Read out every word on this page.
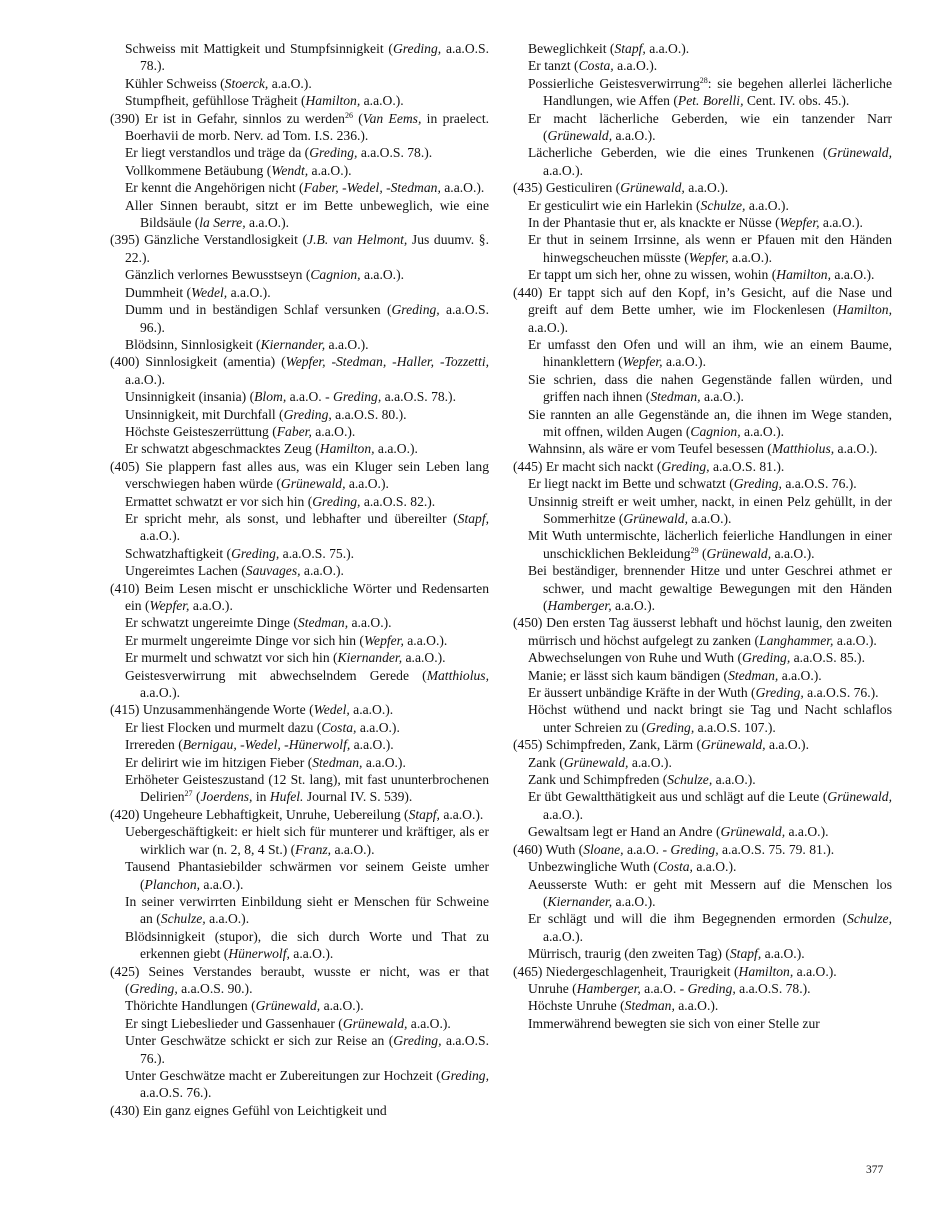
Schweiss mit Mattigkeit und Stumpfsinnigkeit (Greding, a.a.O.S. 78.).
Kühler Schweiss (Stoerck, a.a.O.).
Stumpfheit, gefühllose Trägheit (Hamilton, a.a.O.).
(390) Er ist in Gefahr, sinnlos zu werden$^{26}$ (Van Eems, in praelect. Boerhavii de morb. Nerv. ad Tom. I.S. 236.).
Er liegt verstandlos und träge da (Greding, a.a.O.S. 78.).
Vollkommene Betäubung (Wendt, a.a.O.).
Er kennt die Angehörigen nicht (Faber, -Wedel, -Stedman, a.a.O.).
Aller Sinnen beraubt, sitzt er im Bette unbeweglich, wie eine Bildsäule (la Serre, a.a.O.).
(395) Gänzliche Verstandlosigkeit (J.B. van Helmont, Jus duumv. §. 22.).
Gänzlich verlornes Bewusstseyn (Cagnion, a.a.O.).
Dummheit (Wedel, a.a.O.).
Dumm und in beständigen Schlaf versunken (Greding, a.a.O.S. 96.).
Blödsinn, Sinnlosigkeit (Kiernander, a.a.O.).
(400) Sinnlosigkeit (amentia) (Wepfer, -Stedman, -Haller, -Tozzetti, a.a.O.).
Unsinnigkeit (insania) (Blom, a.a.O. - Greding, a.a.O.S. 78.).
Unsinnigkeit, mit Durchfall (Greding, a.a.O.S. 80.).
Höchste Geisteszerrüttung (Faber, a.a.O.).
Er schwatzt abgeschmacktes Zeug (Hamilton, a.a.O.).
(405) Sie plappern fast alles aus, was ein Kluger sein Leben lang verschwiegen haben würde (Grünewald, a.a.O.).
Ermattet schwatzt er vor sich hin (Greding, a.a.O.S. 82.).
Er spricht mehr, als sonst, und lebhafter und übereilter (Stapf, a.a.O.).
Schwatzhaftigkeit (Greding, a.a.O.S. 75.).
Ungereimtes Lachen (Sauvages, a.a.O.).
(410) Beim Lesen mischt er unschickliche Wörter und Redensarten ein (Wepfer, a.a.O.).
Er schwatzt ungereimte Dinge (Stedman, a.a.O.).
Er murmelt ungereimte Dinge vor sich hin (Wepfer, a.a.O.).
Er murmelt und schwatzt vor sich hin (Kiernander, a.a.O.).
Geistesverwirrung mit abwechselndem Gerede (Matthiolus, a.a.O.).
(415) Unzusammenhängende Worte (Wedel, a.a.O.).
Er liest Flocken und murmelt dazu (Costa, a.a.O.).
Irrereden (Bernigau, -Wedel, -Hünerwolf, a.a.O.).
Er delirirt wie im hitzigen Fieber (Stedman, a.a.O.).
Erhöheter Geisteszustand (12 St. lang), mit fast ununterbrochenen Delirien$^{27}$ (Joerdens, in Hufel. Journal IV. S. 539).
(420) Ungeheure Lebhaftigkeit, Unruhe, Uebereilung (Stapf, a.a.O.).
Uebergeschäftigkeit: er hielt sich für munterer und kräftiger, als er wirklich war (n. 2, 8, 4 St.) (Franz, a.a.O.).
Tausend Phantasiebilder schwärmen vor seinem Geiste umher (Planchon, a.a.O.).
In seiner verwirrten Einbildung sieht er Menschen für Schweine an (Schulze, a.a.O.).
Blödsinnigkeit (stupor), die sich durch Worte und That zu erkennen giebt (Hünerwolf, a.a.O.).
(425) Seines Verstandes beraubt, wusste er nicht, was er that (Greding, a.a.O.S. 90.).
Thörichte Handlungen (Grünewald, a.a.O.).
Er singt Liebeslieder und Gassenhauer (Grünewald, a.a.O.).
Unter Geschwätze schickt er sich zur Reise an (Greding, a.a.O.S. 76.).
Unter Geschwätze macht er Zubereitungen zur Hochzeit (Greding, a.a.O.S. 76.).
(430) Ein ganz eignes Gefühl von Leichtigkeit und
Beweglichkeit (Stapf, a.a.O.).
Er tanzt (Costa, a.a.O.).
Possierliche Geistesverwirrung$^{28}$: sie begehen allerlei lächerliche Handlungen, wie Affen (Pet. Borelli, Cent. IV. obs. 45.).
Er macht lächerliche Geberden, wie ein tanzender Narr (Grünewald, a.a.O.).
Lächerliche Geberden, wie die eines Trunkenen (Grünewald, a.a.O.).
(435) Gesticuliren (Grünewald, a.a.O.).
Er gesticulirt wie ein Harlekin (Schulze, a.a.O.).
In der Phantasie thut er, als knackte er Nüsse (Wepfer, a.a.O.).
Er thut in seinem Irrsinne, als wenn er Pfauen mit den Händen hinwegscheuchen müsste (Wepfer, a.a.O.).
Er tappt um sich her, ohne zu wissen, wohin (Hamilton, a.a.O.).
(440) Er tappt sich auf den Kopf, in’s Gesicht, auf die Nase und greift auf dem Bette umher, wie im Flockenlesen (Hamilton, a.a.O.).
Er umfasst den Ofen und will an ihm, wie an einem Baume, hinanklettern (Wepfer, a.a.O.).
Sie schrien, dass die nahen Gegenstände fallen würden, und griffen nach ihnen (Stedman, a.a.O.).
Sie rannten an alle Gegenstände an, die ihnen im Wege standen, mit offnen, wilden Augen (Cagnion, a.a.O.).
Wahnsinn, als wäre er vom Teufel besessen (Matthiolus, a.a.O.).
(445) Er macht sich nackt (Greding, a.a.O.S. 81.).
Er liegt nackt im Bette und schwatzt (Greding, a.a.O.S. 76.).
Unsinnig streift er weit umher, nackt, in einen Pelz gehüllt, in der Sommerhitze (Grünewald, a.a.O.).
Mit Wuth untermischte, lächerlich feierliche Handlungen in einer unschicklichen Bekleidung$^{29}$ (Grünewald, a.a.O.).
Bei beständiger, brennender Hitze und unter Geschrei athmet er schwer, und macht gewaltige Bewegungen mit den Händen (Hamberger, a.a.O.).
(450) Den ersten Tag äusserst lebhaft und höchst launig, den zweiten mürrisch und höchst aufgelegt zu zanken (Langhammer, a.a.O.).
Abwechselungen von Ruhe und Wuth (Greding, a.a.O.S. 85.).
Manie; er lässt sich kaum bändigen (Stedman, a.a.O.).
Er äussert unbändige Kräfte in der Wuth (Greding, a.a.O.S. 76.).
Höchst wüthend und nackt bringt sie Tag und Nacht schlaflos unter Schreien zu (Greding, a.a.O.S. 107.).
(455) Schimpfreden, Zank, Lärm (Grünewald, a.a.O.).
Zank (Grünewald, a.a.O.).
Zank und Schimpfreden (Schulze, a.a.O.).
Er übt Gewaltthätigkeit aus und schlägt auf die Leute (Grünewald, a.a.O.).
Gewaltsam legt er Hand an Andre (Grünewald, a.a.O.).
(460) Wuth (Sloane, a.a.O. - Greding, a.a.O.S. 75. 79. 81.).
Unbezwingliche Wuth (Costa, a.a.O.).
Aeusserste Wuth: er geht mit Messern auf die Menschen los (Kiernander, a.a.O.).
Er schlägt und will die ihm Begegnenden ermorden (Schulze, a.a.O.).
Mürrisch, traurig (den zweiten Tag) (Stapf, a.a.O.).
(465) Niedergeschlagenheit, Traurigkeit (Hamilton, a.a.O.).
Unruhe (Hamberger, a.a.O. - Greding, a.a.O.S. 78.).
Höchste Unruhe (Stedman, a.a.O.).
Immerwährend bewegten sie sich von einer Stelle zur
377
